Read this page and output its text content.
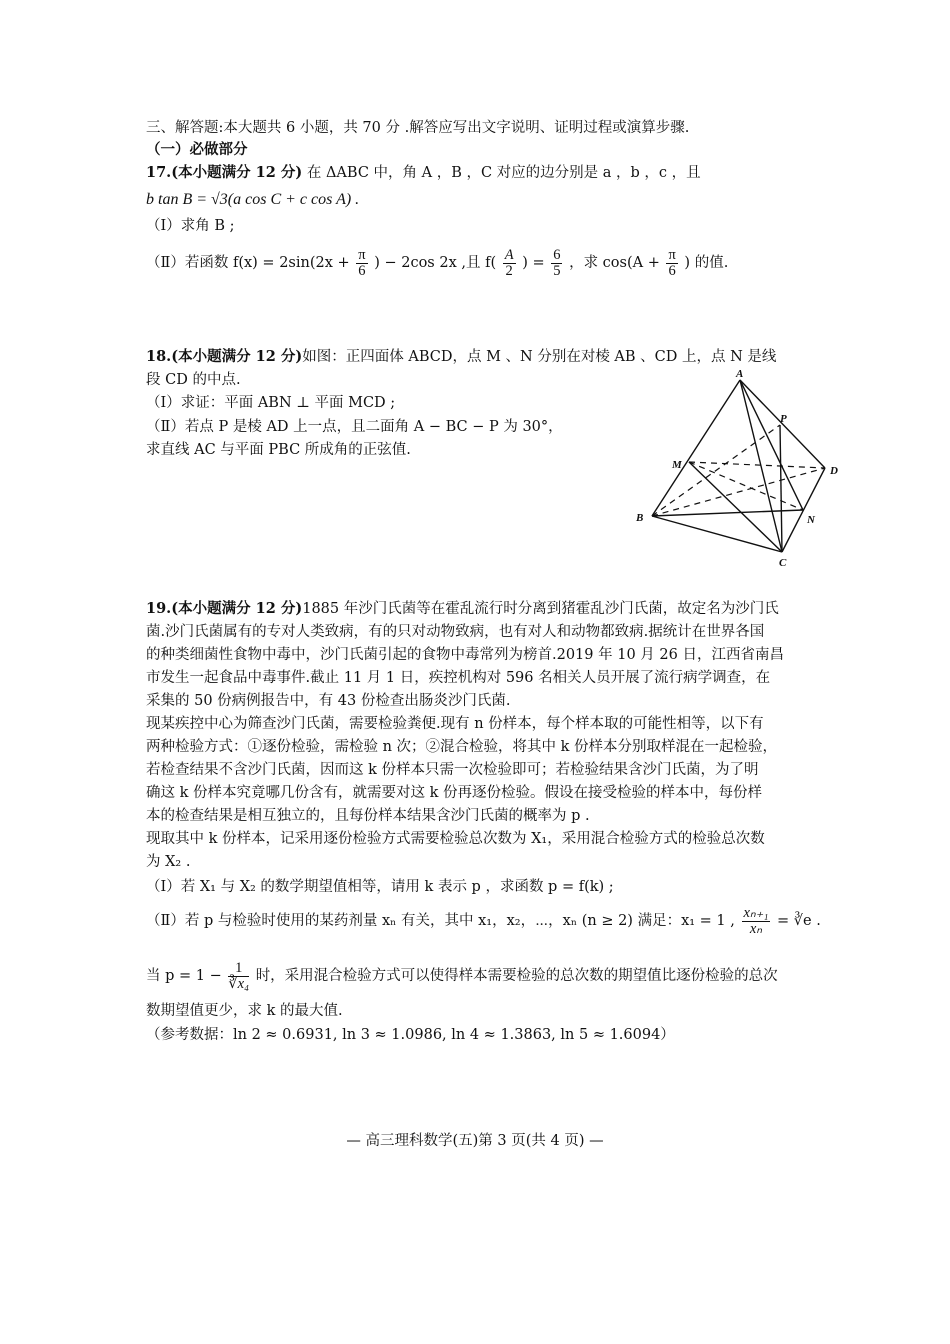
三、解答题:本大题共 6 小题，共 70 分 .解答应写出文字说明、证明过程或演算步骤.
（一）必做部分
17.(本小题满分 12 分) 在 ΔABC 中，角 A ，B ，C 对应的边分别是 a ，b ，c ，且
b tan B = √3(a cos C + c cos A) .
（Ⅰ）求角 B ;
（Ⅱ）若函数 $f(x) = 2\sin(2x + \frac{\pi}{6}$ ) − 2cos 2x ,且 $f( \frac{A}{2}$ ) = $\frac{6}{5}$ ，求 $\cos(A + \frac{\pi}{6}$ ) 的值.
18.(本小题满分 12 分)如图：正四面体 ABCD，点 M 、N 分别在对棱 AB 、CD 上，点 N 是线
段 CD 的中点.
（Ⅰ）求证：平面 ABN ⊥ 平面 MCD ;
（Ⅱ）若点 P 是棱 AD 上一点，且二面角 A − BC − P 为 30°，
求直线 AC 与平面 PBC 所成角的正弦值.
A
B
C
D
M
N
P
19.(本小题满分 12 分)1885 年沙门氏菌等在霍乱流行时分离到猪霍乱沙门氏菌，故定名为沙门氏
菌.沙门氏菌属有的专对人类致病，有的只对动物致病，也有对人和动物都致病.据统计在世界各国
的种类细菌性食物中毒中，沙门氏菌引起的食物中毒常列为榜首.2019 年 10 月 26 日，江西省南昌
市发生一起食品中毒事件.截止 11 月 1 日，疾控机构对 596 名相关人员开展了流行病学调查，在
采集的 50 份病例报告中，有 43 份检查出肠炎沙门氏菌.
现某疾控中心为筛查沙门氏菌，需要检验粪便.现有 n 份样本，每个样本取的可能性相等，以下有
两种检验方式：①逐份检验，需检验 n 次；②混合检验，将其中 k 份样本分别取样混在一起检验，
若检查结果不含沙门氏菌，因而这 k 份样本只需一次检验即可；若检验结果含沙门氏菌，为了明
确这 k 份样本究竟哪几份含有，就需要对这 k 份再逐份检验。假设在接受检验的样本中，每份样
本的检查结果是相互独立的，且每份样本结果含沙门氏菌的概率为 p .
现取其中 k 份样本，记采用逐份检验方式需要检验总次数为 X₁，采用混合检验方式的检验总次数
为 X₂ .
（Ⅰ）若 X₁ 与 X₂ 的数学期望值相等，请用 k 表示 p ，求函数 p = f(k) ;
（Ⅱ）若 p 与检验时使用的某药剂量 xₙ 有关，其中 x₁，x₂，⋯，xₙ (n ≥ 2) 满足：x₁ = 1 , $\frac{\text{xₙ₊₁}}{\text{xₙ}}$ = ∛e .
当 $p = 1 - \frac{1}{\text{∛x₄}}$ 时，采用混合检验方式可以使得样本需要检验的总次数的期望值比逐份检验的总次
数期望值更少，求 k 的最大值.
（参考数据：ln 2 ≈ 0.6931, ln 3 ≈ 1.0986, ln 4 ≈ 1.3863, ln 5 ≈ 1.6094）
— 高三理科数学(五)第 3 页(共 4 页) —
